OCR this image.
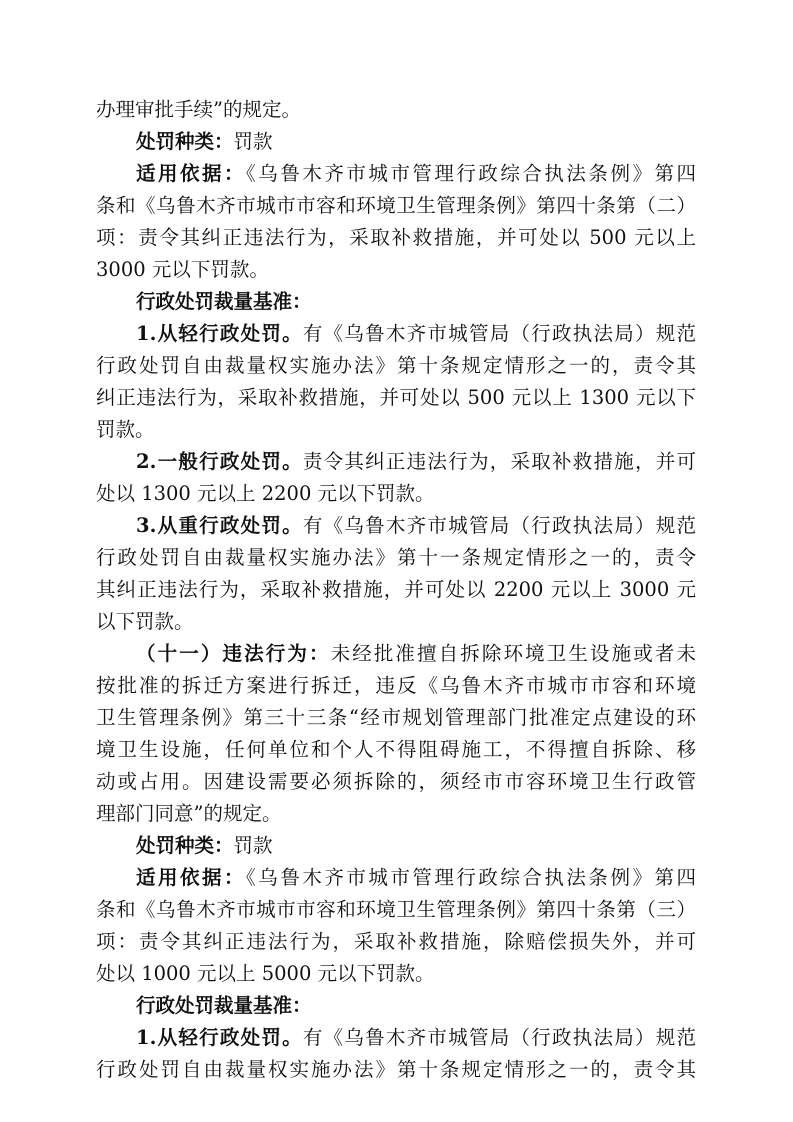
办理审批手续”的规定。
处罚种类：罚款
适用依据：《乌鲁木齐市城市管理行政综合执法条例》第四
条和《乌鲁木齐市城市市容和环境卫生管理条例》第四十条第（二）
项：责令其纠正违法行为，采取补救措施，并可处以 500 元以上
3000 元以下罚款。
行政处罚裁量基准：
1.从轻行政处罚。有《乌鲁木齐市城管局（行政执法局）规范
行政处罚自由裁量权实施办法》第十条规定情形之一的，责令其
纠正违法行为，采取补救措施，并可处以 500 元以上 1300 元以下
罚款。
2.一般行政处罚。责令其纠正违法行为，采取补救措施，并可
处以 1300 元以上 2200 元以下罚款。
3.从重行政处罚。有《乌鲁木齐市城管局（行政执法局）规范
行政处罚自由裁量权实施办法》第十一条规定情形之一的，责令
其纠正违法行为，采取补救措施，并可处以 2200 元以上 3000 元
以下罚款。
（十一）违法行为：未经批准擅自拆除环境卫生设施或者未
按批准的拆迁方案进行拆迁，违反《乌鲁木齐市城市市容和环境
卫生管理条例》第三十三条“经市规划管理部门批准定点建设的环
境卫生设施，任何单位和个人不得阻碍施工，不得擅自拆除、移
动或占用。因建设需要必须拆除的，须经市市容环境卫生行政管
理部门同意”的规定。
处罚种类：罚款
适用依据：《乌鲁木齐市城市管理行政综合执法条例》第四
条和《乌鲁木齐市城市市容和环境卫生管理条例》第四十条第（三）
项：责令其纠正违法行为，采取补救措施，除赔偿损失外，并可
处以 1000 元以上 5000 元以下罚款。
行政处罚裁量基准：
1.从轻行政处罚。有《乌鲁木齐市城管局（行政执法局）规范
行政处罚自由裁量权实施办法》第十条规定情形之一的，责令其
